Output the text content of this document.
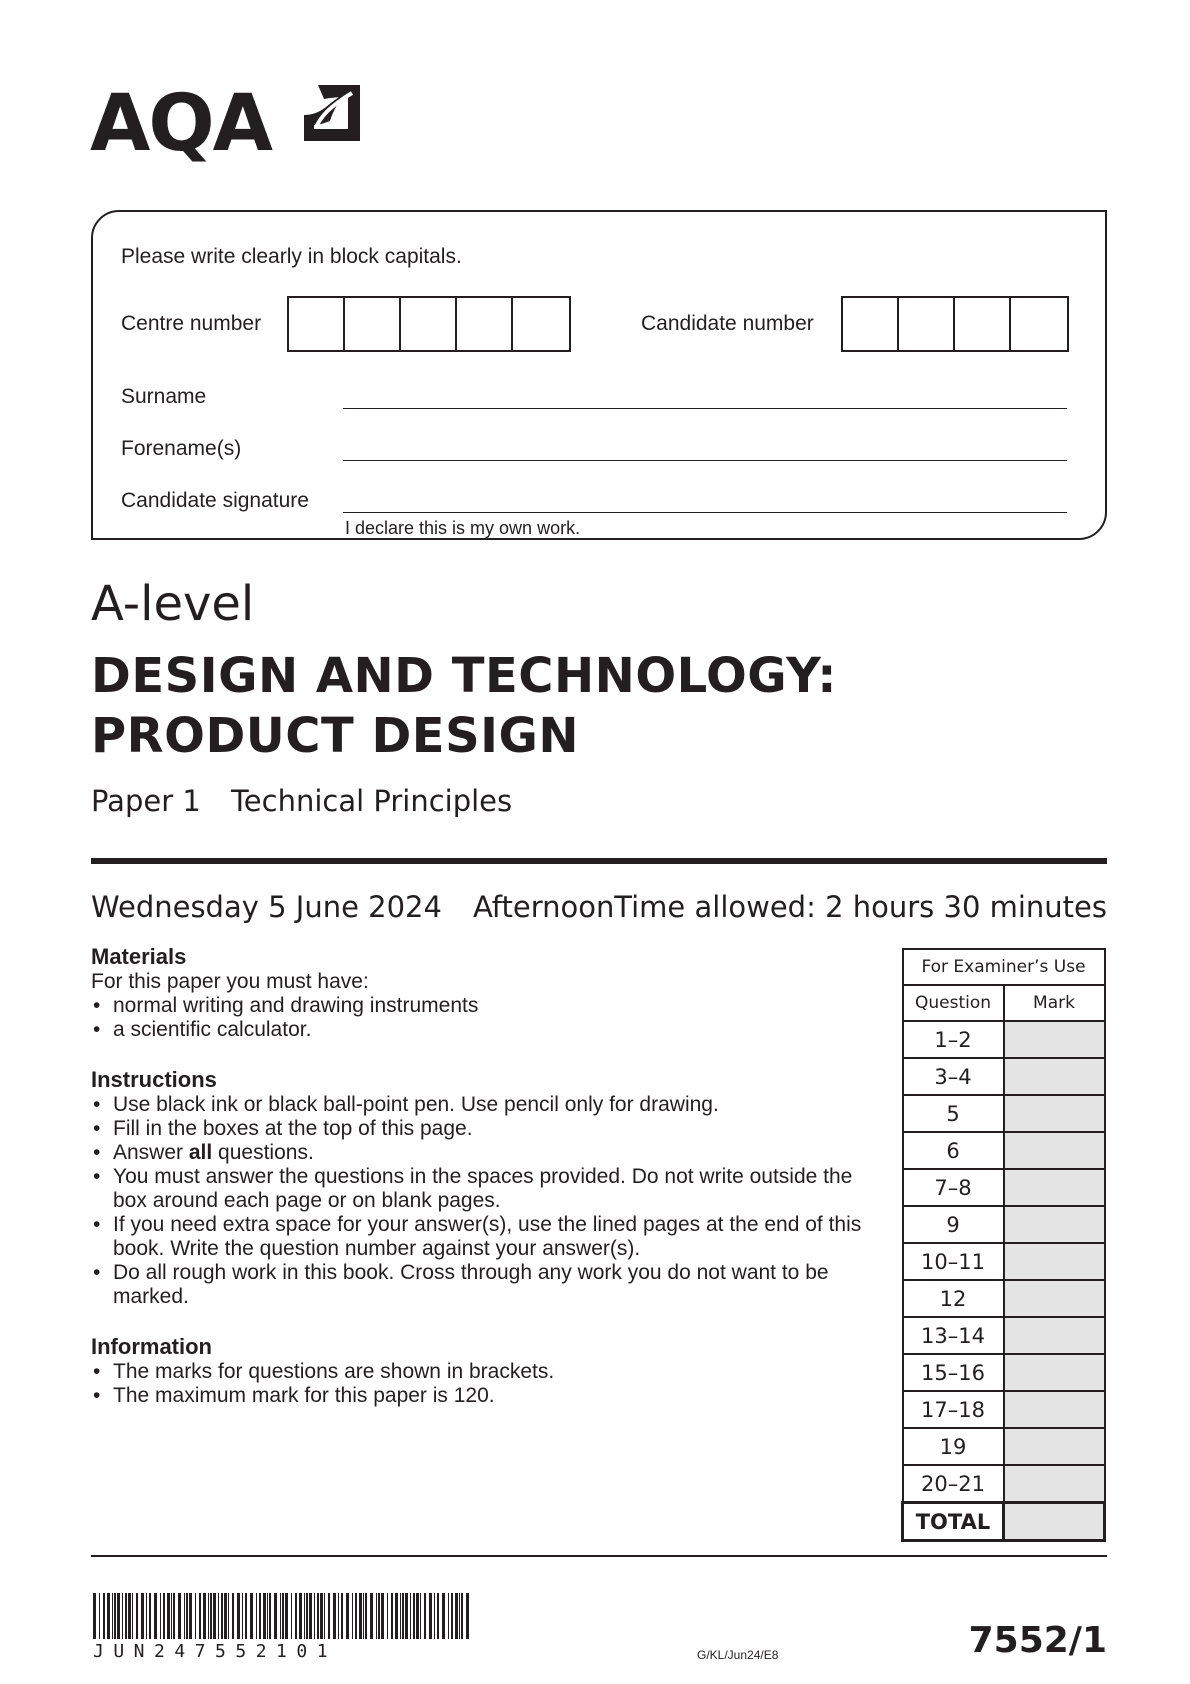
AQA
Please write clearly in block capitals.
Centre number	Candidate number
Surname
Forename(s)
Candidate signature
I declare this is my own work.
A-level
DESIGN AND TECHNOLOGY:
PRODUCT DESIGN
Paper 1 Technical Principles
Wednesday 5 June 2024 Afternoon Time allowed: 2 hours 30 minutes
Materials
For this paper you must have:
• normal writing and drawing instruments
• a scientific calculator.
Instructions
• Use black ink or black ball-point pen. Use pencil only for drawing.
• Fill in the boxes at the top of this page.
• Answer all questions.
• You must answer the questions in the spaces provided. Do not write outside the box around each page or on blank pages.
• If you need extra space for your answer(s), use the lined pages at the end of this book. Write the question number against your answer(s).
• Do all rough work in this book. Cross through any work you do not want to be marked.
Information
• The marks for questions are shown in brackets.
• The maximum mark for this paper is 120.
For Examiner’s Use	
Question	Mark
1–2	
3–4	
5	
6	
7–8	
9	
10–11	
12	
13–14	
15–16	
17–18	
19	
20–21	
TOTAL	
JUN247552101	G/KL/Jun24/E8	7552/1
